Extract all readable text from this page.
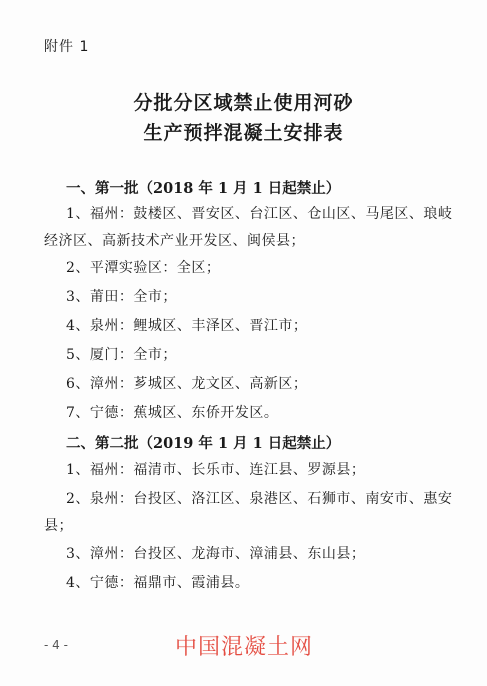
附件 1
分批分区域禁止使用河砂
生产预拌混凝土安排表
一、第一批（2018 年 1 月 1 日起禁止）
1、福州：鼓楼区、晋安区、台江区、仓山区、马尾区、琅岐经济区、高新技术产业开发区、闽侯县；
2、平潭实验区：全区；
3、莆田：全市；
4、泉州：鲤城区、丰泽区、晋江市；
5、厦门：全市；
6、漳州：芗城区、龙文区、高新区；
7、宁德：蕉城区、东侨开发区。
二、第二批（2019 年 1 月 1 日起禁止）
1、福州：福清市、长乐市、连江县、罗源县；
2、泉州：台投区、洛江区、泉港区、石狮市、南安市、惠安县；
3、漳州：台投区、龙海市、漳浦县、东山县；
4、宁德：福鼎市、霞浦县。
- 4 -	中国混凝土网
